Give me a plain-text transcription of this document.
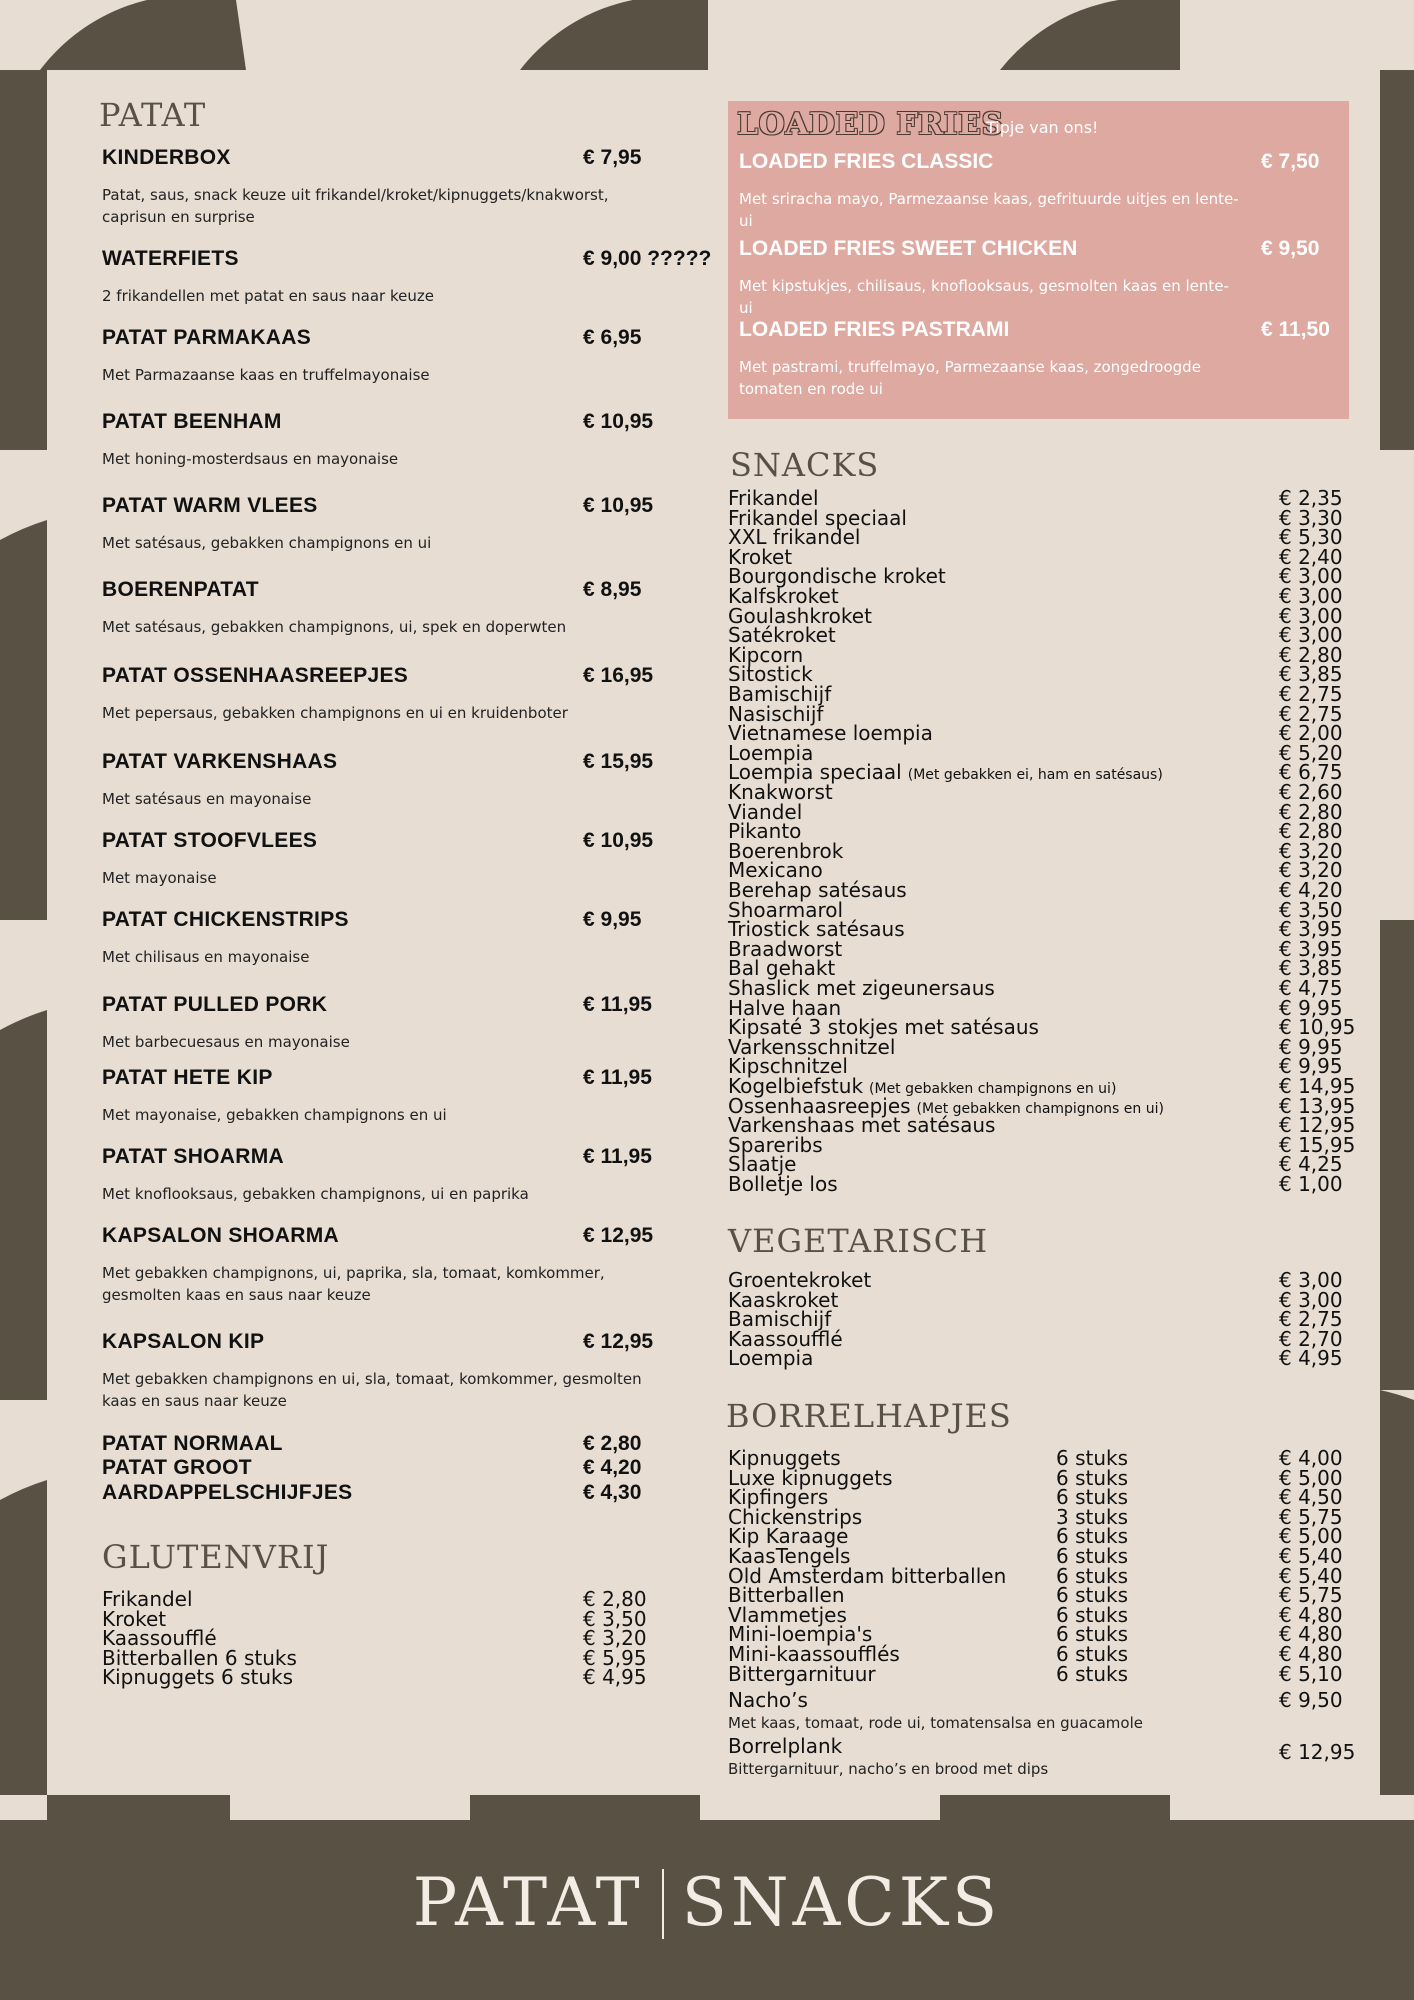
PATAT
KINDERBOX	€ 7,95
Patat, saus, snack keuze uit frikandel/kroket/kipnuggets/knakworst, caprisun en surprise
WATERFIETS	€ 9,00 ?????
2 frikandellen met patat en saus naar keuze
PATAT PARMAKAAS	€ 6,95
Met Parmazaanse kaas en truffelmayonaise
PATAT BEENHAM	€ 10,95
Met honing-mosterdsaus en mayonaise
PATAT WARM VLEES	€ 10,95
Met satésaus, gebakken champignons en ui
BOERENPATAT	€ 8,95
Met satésaus, gebakken champignons, ui, spek en doperwten
PATAT OSSENHAASREEPJES	€ 16,95
Met pepersaus, gebakken champignons en ui en kruidenboter
PATAT VARKENSHAAS	€ 15,95
Met satésaus en mayonaise
PATAT STOOFVLEES	€ 10,95
Met mayonaise
PATAT CHICKENSTRIPS	€ 9,95
Met chilisaus en mayonaise
PATAT PULLED PORK	€ 11,95
Met barbecuesaus en mayonaise
PATAT HETE KIP	€ 11,95
Met mayonaise, gebakken champignons en ui
PATAT SHOARMA	€ 11,95
Met knoflooksaus, gebakken champignons, ui en paprika
KAPSALON SHOARMA	€ 12,95
Met gebakken champignons, ui, paprika, sla, tomaat, komkommer, gesmolten kaas en saus naar keuze
KAPSALON KIP	€ 12,95
Met gebakken champignons en ui, sla, tomaat, komkommer, gesmolten kaas en saus naar keuze
PATAT NORMAAL	€ 2,80
PATAT GROOT	€ 4,20
AARDAPPELSCHIJFJES	€ 4,30
GLUTENVRIJ
Frikandel	€ 2,80
Kroket	€ 3,50
Kaassoufflé	€ 3,20
Bitterballen 6 stuks	€ 5,95
Kipnuggets 6 stuks	€ 4,95
LOADED FRIES
Tipje van ons!
LOADED FRIES CLASSIC	€ 7,50
Met sriracha mayo, Parmezaanse kaas, gefrituurde uitjes en lente-ui
LOADED FRIES SWEET CHICKEN	€ 9,50
Met kipstukjes, chilisaus, knoflooksaus, gesmolten kaas en lente-ui
LOADED FRIES PASTRAMI	€ 11,50
Met pastrami, truffelmayo, Parmezaanse kaas, zongedroogde tomaten en rode ui
SNACKS
Frikandel	€ 2,35
Frikandel speciaal	€ 3,30
XXL frikandel	€ 5,30
Kroket	€ 2,40
Bourgondische kroket	€ 3,00
Kalfskroket	€ 3,00
Goulashkroket	€ 3,00
Satékroket	€ 3,00
Kipcorn	€ 2,80
Sitostick	€ 3,85
Bamischijf	€ 2,75
Nasischijf	€ 2,75
Vietnamese loempia	€ 2,00
Loempia	€ 5,20
Loempia speciaal (Met gebakken ei, ham en satésaus)	€ 6,75
Knakworst	€ 2,60
Viandel	€ 2,80
Pikanto	€ 2,80
Boerenbrok	€ 3,20
Mexicano	€ 3,20
Berehap satésaus	€ 4,20
Shoarmarol	€ 3,50
Triostick satésaus	€ 3,95
Braadworst	€ 3,95
Bal gehakt	€ 3,85
Shaslick met zigeunersaus	€ 4,75
Halve haan	€ 9,95
Kipsaté 3 stokjes met satésaus	€ 10,95
Varkensschnitzel	€ 9,95
Kipschnitzel	€ 9,95
Kogelbiefstuk (Met gebakken champignons en ui)	€ 14,95
Ossenhaasreepjes (Met gebakken champignons en ui)	€ 13,95
Varkenshaas met satésaus	€ 12,95
Spareribs	€ 15,95
Slaatje	€ 4,25
Bolletje los	€ 1,00
VEGETARISCH
Groentekroket	€ 3,00
Kaaskroket	€ 3,00
Bamischijf	€ 2,75
Kaassoufflé	€ 2,70
Loempia	€ 4,95
BORRELHAPJES
Kipnuggets	6 stuks	€ 4,00
Luxe kipnuggets	6 stuks	€ 5,00
Kipfingers	6 stuks	€ 4,50
Chickenstrips	3 stuks	€ 5,75
Kip Karaage	6 stuks	€ 5,00
KaasTengels	6 stuks	€ 5,40
Old Amsterdam bitterballen 6 stuks	€ 5,40
Bitterballen	6 stuks	€ 5,75
Vlammetjes	6 stuks	€ 4,80
Mini-loempia's	6 stuks	€ 4,80
Mini-kaassoufflés	6 stuks	€ 4,80
Bittergarnituur	6 stuks	€ 5,10
Nacho’s	€ 9,50
Met kaas, tomaat, rode ui, tomatensalsa en guacamole
Borrelplank	€ 12,95
Bittergarnituur, nacho’s en brood met dips
PATAT SNACKS
